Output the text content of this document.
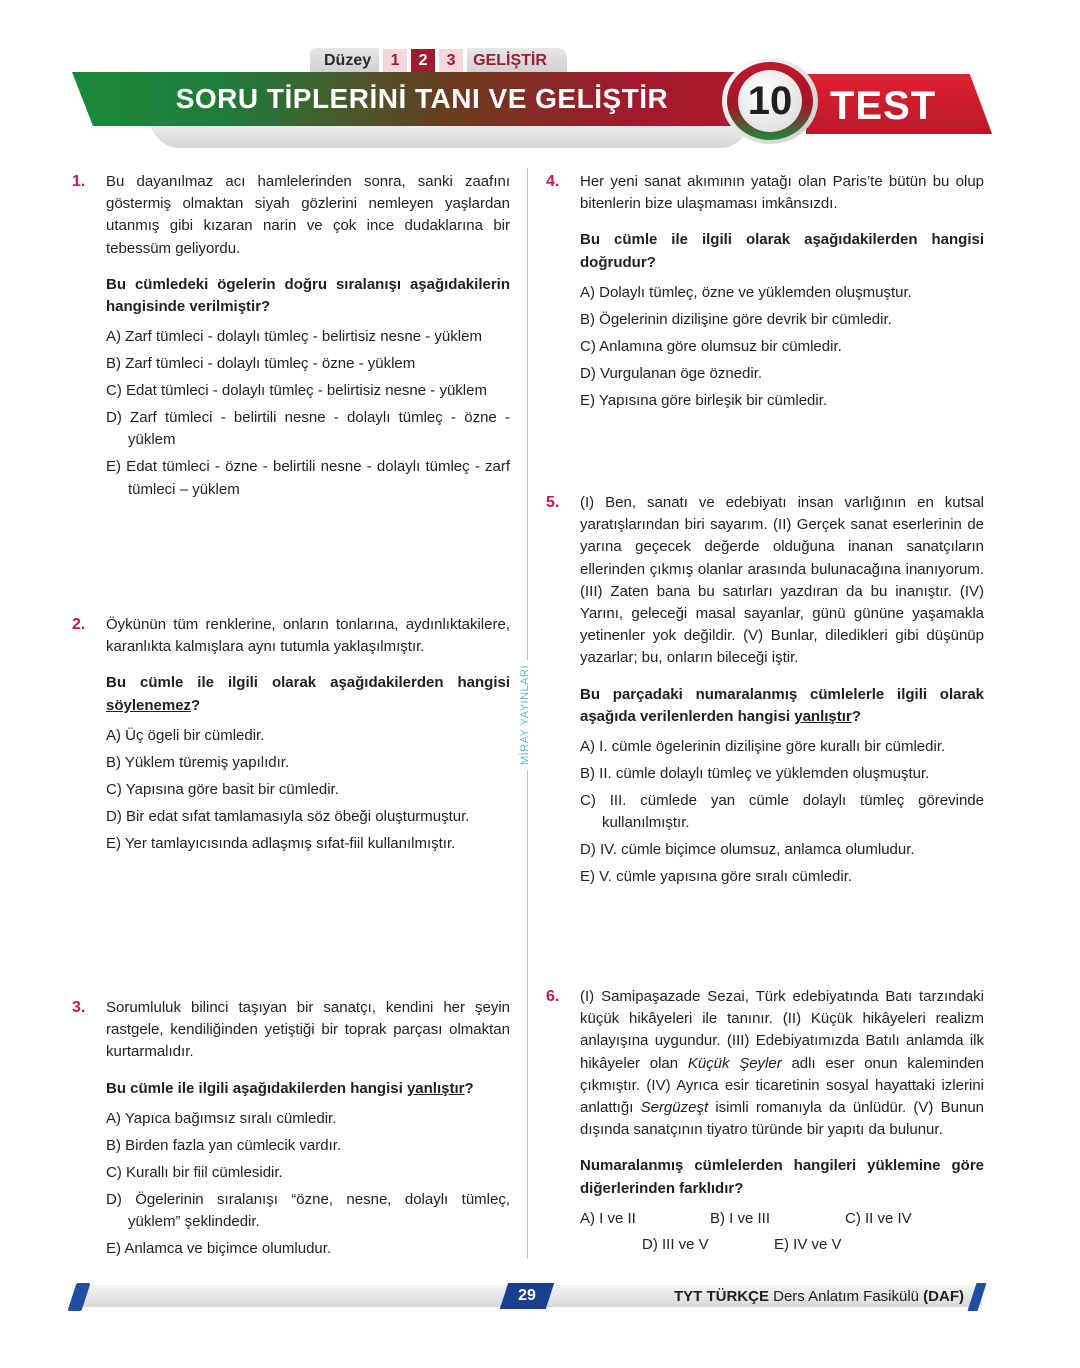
Düzey	1	2	3	GELİŞTİR
SORU TİPLERİNİ TANI VE GELİŞTİR	TEST
10
MİRAY YAYINLARI
1. Bu dayanılmaz acı hamlelerinden sonra, sanki zaafını göstermiş olmaktan siyah gözlerini nemleyen yaşlardan utanmış gibi kızaran narin ve çok ince dudaklarına bir tebessüm geliyordu.

Bu cümledeki ögelerin doğru sıralanışı aşağıdakilerin hangisinde verilmiştir?

A) Zarf tümleci - dolaylı tümleç - belirtisiz nesne - yüklem
B) Zarf tümleci - dolaylı tümleç - özne - yüklem
C) Edat tümleci - dolaylı tümleç - belirtisiz nesne - yüklem
D) Zarf tümleci - belirtili nesne - dolaylı tümleç - özne - yüklem
E) Edat tümleci - özne - belirtili nesne - dolaylı tümleç - zarf tümleci – yüklem
2. Öykünün tüm renklerine, onların tonlarına, aydınlıktakilere, karanlıkta kalmışlara aynı tutumla yaklaşılmıştır.

Bu cümle ile ilgili olarak aşağıdakilerden hangisi söylenemez?

A) Üç ögeli bir cümledir.
B) Yüklem türemiş yapılıdır.
C) Yapısına göre basit bir cümledir.
D) Bir edat sıfat tamlamasıyla söz öbeği oluşturmuştur.
E) Yer tamlayıcısında adlaşmış sıfat-fiil kullanılmıştır.
3. Sorumluluk bilinci taşıyan bir sanatçı, kendini her şeyin rastgele, kendiliğinden yetiştiği bir toprak parçası olmaktan kurtarmalıdır.

Bu cümle ile ilgili aşağıdakilerden hangisi yanlıştır?

A) Yapıca bağımsız sıralı cümledir.
B) Birden fazla yan cümlecik vardır.
C) Kurallı bir fiil cümlesidir.
D) Ögelerinin sıralanışı “özne, nesne, dolaylı tümleç, yüklem” şeklindedir.
E) Anlamca ve biçimce olumludur.
4. Her yeni sanat akımının yatağı olan Paris’te bütün bu olup bitenlerin bize ulaşmaması imkânsızdı.

Bu cümle ile ilgili olarak aşağıdakilerden hangisi doğrudur?

A) Dolaylı tümleç, özne ve yüklemden oluşmuştur.
B) Ögelerinin dizilişine göre devrik bir cümledir.
C) Anlamına göre olumsuz bir cümledir.
D) Vurgulanan öge öznedir.
E) Yapısına göre birleşik bir cümledir.
5. (I) Ben, sanatı ve edebiyatı insan varlığının en kutsal yaratışlarından biri sayarım. (II) Gerçek sanat eserlerinin de yarına geçecek değerde olduğuna inanan sanatçıların ellerinden çıkmış olanlar arasında bulunacağına inanıyorum. (III) Zaten bana bu satırları yazdıran da bu inanıştır. (IV) Yarını, geleceği masal sayanlar, günü gününe yaşamakla yetinenler yok değildir. (V) Bunlar, diledikleri gibi düşünüp yazarlar; bu, onların bileceği iştir.

Bu parçadaki numaralanmış cümlelerle ilgili olarak aşağıda verilenlerden hangisi yanlıştır?

A) I. cümle ögelerinin dizilişine göre kurallı bir cümledir.
B) II. cümle dolaylı tümleç ve yüklemden oluşmuştur.
C) III. cümlede yan cümle dolaylı tümleç görevinde kullanılmıştır.
D) IV. cümle biçimce olumsuz, anlamca olumludur.
E) V. cümle yapısına göre sıralı cümledir.
6. (I) Samipaşazade Sezai, Türk edebiyatında Batı tarzındaki küçük hikâyeleri ile tanınır. (II) Küçük hikâyeleri realizm anlayışına uygundur. (III) Edebiyatımızda Batılı anlamda ilk hikâyeler olan Küçük Şeyler adlı eser onun kaleminden çıkmıştır. (IV) Ayrıca esir ticaretinin sosyal hayattaki izlerini anlattığı Sergüzeşt isimli romanıyla da ünlüdür. (V) Bunun dışında sanatçının tiyatro türünde bir yapıtı da bulunur.

Numaralanmış cümlelerden hangileri yüklemine göre diğerlerinden farklıdır?

A) I ve II	B) I ve III	C) II ve IV
D) III ve V	E) IV ve V
29	TYT TÜRKÇE Ders Anlatım Fasikülü (DAF)
